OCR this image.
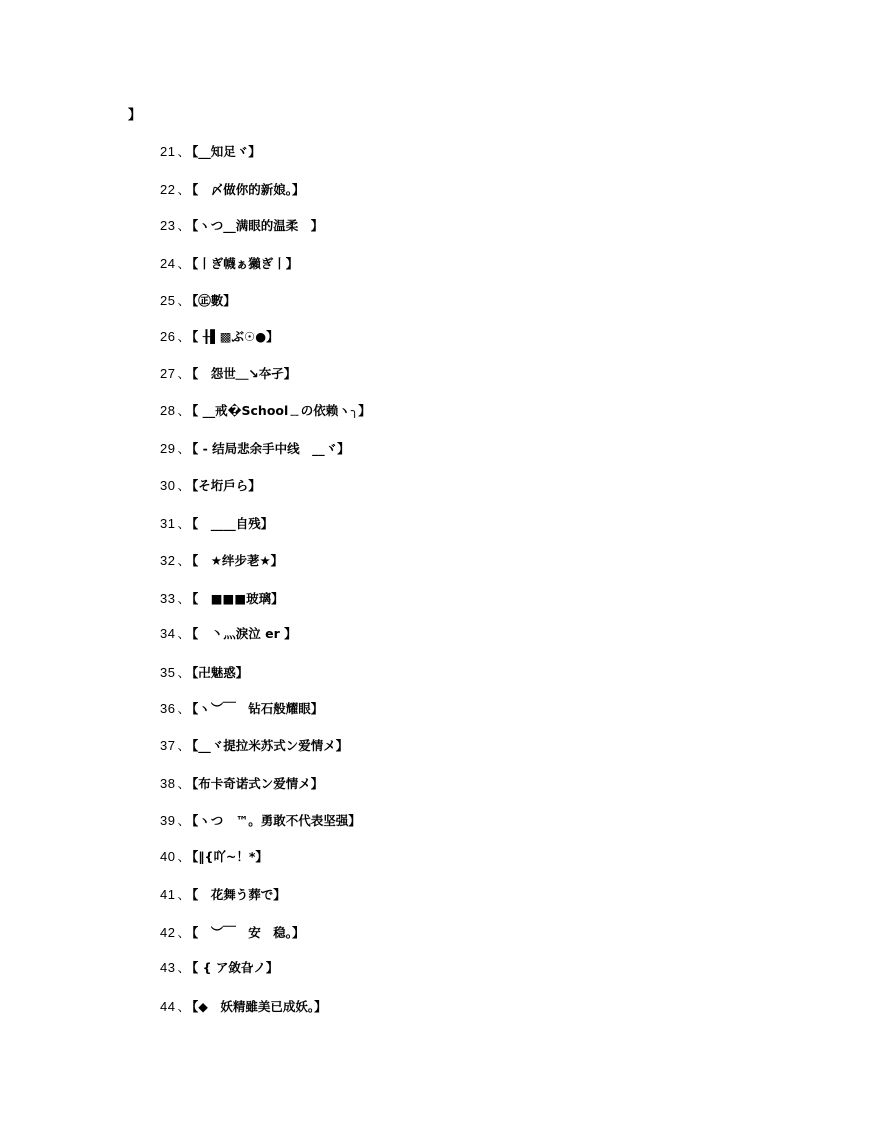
】
21 、 【__知足ヾ】
22 、 【　〆做你的新娘。】
23 、 【ヽつ__满眼的温柔　】
24 、 【丨ぎ幭ぁ獺ぎ丨】
25 、 【㊣數】
26 、 【 ╂▌▩ぶ☉●】
27 、 【　怨世＿↘夲孑】
28 、 【 __戒�School﹎の依赖ヽ╮】
29 、 【 - 结局悲余手中线　__ヾ】
30 、 【そ垳戶ら】
31 、 【　____自残】
32 、 【　★绊步荖★】
33 、 【　■■■玻璃】
34 、 【　丶灬淚泣 er 】
35 、 【卍魅惑】
36 、 【ヽ︶￣　钻石般耀眼】
37 、 【__ヾ提拉米苏式ン爱情メ】
38 、 【布卡奇诺式ン爱情メ】
39 、 【ヽつ　™。勇敢不代表坚强】
40 、 【‖{吖~！*】
41 、 【　花舞う葬で】
42 、 【　︶￣　安　稳。】
43 、 【 { ア敛旮ノ】
44 、 【◆　妖精雖美已成妖。】
